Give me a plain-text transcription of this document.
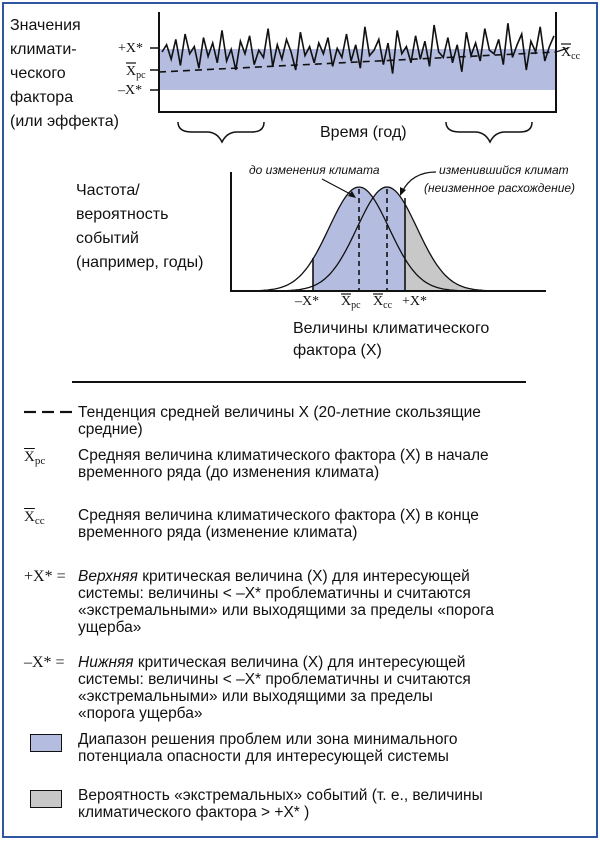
Значения
климати-
ческого
фактора
(или эффекта)
+X*
$X_{pc}$
–X*
$X_{cc}$
Время (год)
Частота/
вероятность
событий
(например, годы)
до изменения климата	изменившийся климат
(неизменное расхождение)
–X* $X_{pc}$ $X_{cc} +X*$
Величины климатического
фактора (X)
Тенденция средней величины X (20-летние скользящие
средние)
$\overline{X}_{pc}$ Средняя величина климатического фактора (X) в начале
временного ряда (до изменения климата)
$\overline{X}_{cc}$ Средняя величина климатического фактора (X) в конце
временного ряда (изменение климата)
+X* = Верхняя критическая величина (X) для интересующей
системы: величины < –X* проблематичны и считаются
«экстремальными» или выходящими за пределы «порога
ущерба»
–X* = Нижняя критическая величина (X) для интересующей
системы: величины < –X* проблематичны и считаются
«экстремальными» или выходящими за пределы
«порога ущерба»
Диапазон решения проблем или зона минимального
потенциала опасности для интересующей системы
Вероятность «экстремальных» событий (т. е., величины
климатического фактора > +X* )
